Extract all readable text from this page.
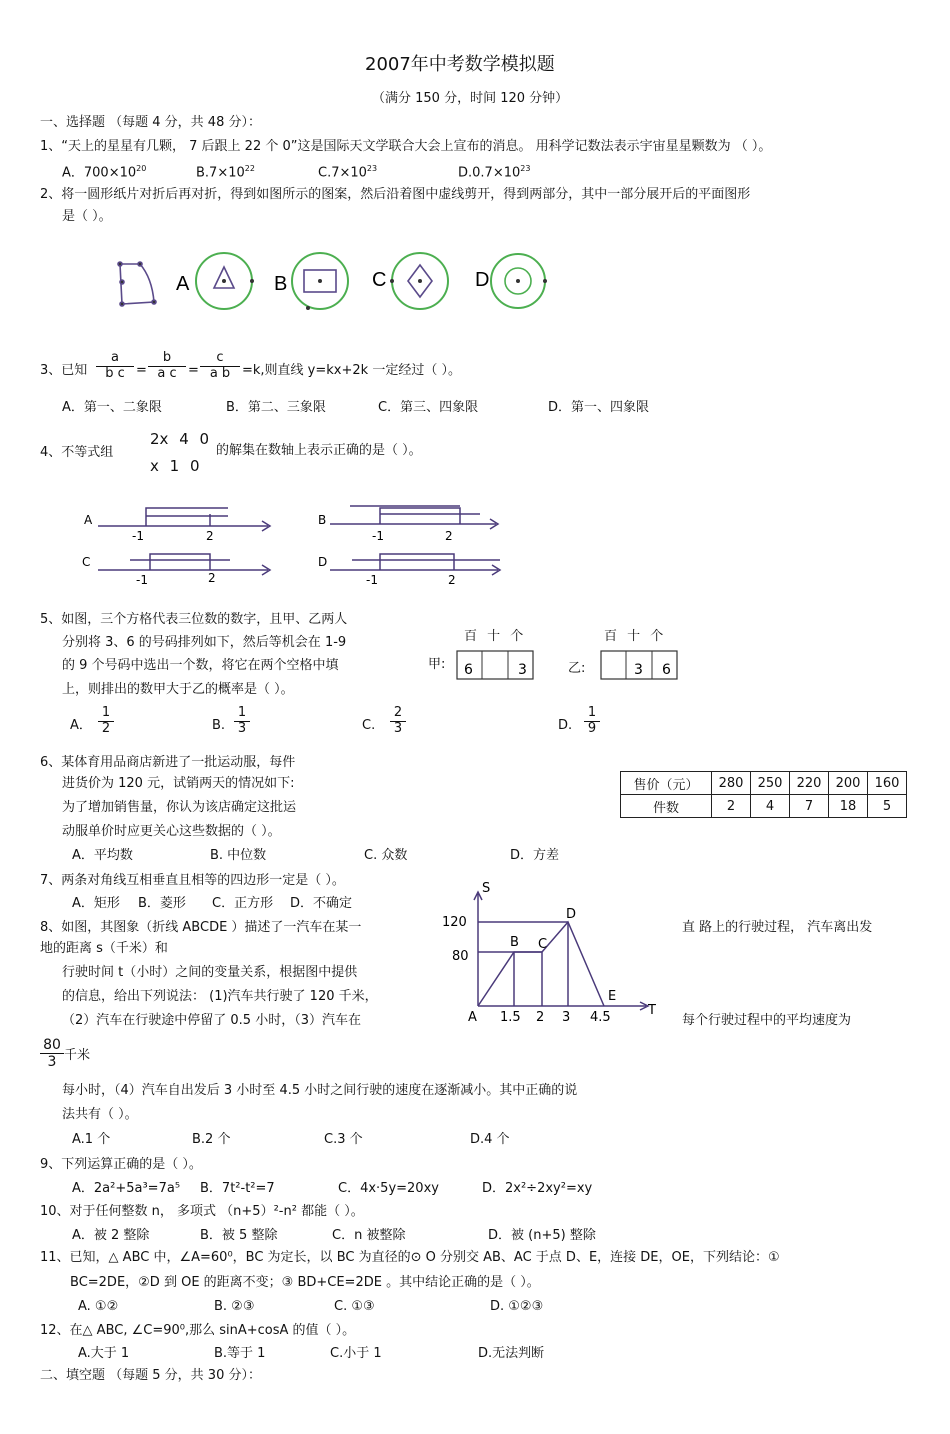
2007年中考数学模拟题
（满分 150 分，时间 120 分钟）
一、选择题 （每题 4 分，共 48 分）：
1、“天上的星星有几颗， 7 后跟上 22 个 0”这是国际天文学联合大会上宣布的消息。 用科学记数法表示宇宙星星颗数为 （ ）。
A．$700\times 10^{20}$	$B.7\times 10^{22}$	$C.7\times 10^{23}$	$D.0.7\times 10^{23}$
2、将一圆形纸片对折后再对折，得到如图所示的图案，然后沿着图中虚线剪开，得到两部分，其中一部分展开后的平面图形
是（ ）。
A	B	C	D
3、已知 $\frac{a}{\text{b c}} = \frac{b}{\text{a c}} = \frac{c}{\text{a b}} =k$,则直线 y=kx+2k 一定经过（ ）。
A．第一、二象限	B．第二、三象限	C．第三、四象限	D．第一、四象限
4、不等式组
2x 4 0
x 1 0
的解集在数轴上表示正确的是（ ）。
A
-1	2
B
-1	2
C
-1	2
D
-1	2
5、如图，三个方格代表三位数的数字，且甲、乙两人
分别将 3、6 的号码排列如下，然后等机会在 1-9
的 9 个号码中选出一个数，将它在两个空格中填
上，则排出的数甲大于乙的概率是（ ）。
百 十 个
甲: 6	3
百 十 个
乙:	3 6
A． $\frac{1}{2}$	B. $\frac{1}{3}$	C. $\frac{2}{3}$	D. $\frac{1}{9}$
6、某体育用品商店新进了一批运动服，每件
进货价为 120 元，试销两天的情况如下:
为了增加销售量，你认为该店确定这批运
动服单价时应更关心这些数据的（ ）。
售价（元）	280	250	220	200	160
件数	2	4	7	18	5
A．平均数	B. 中位数	C. 众数	D．方差
7、两条对角线互相垂直且相等的四边形一定是（ ）。
A．矩形 B．菱形 C．正方形 D．不确定
8、如图，其图象（折线 ABCDE ）描述了一汽车在某一	直 路上的行驶过程， 汽车离出发
地的距离 s（千米）和
行驶时间 t（小时）之间的变量关系，根据图中提供
的信息，给出下列说法： (1)汽车共行驶了 120 千米，
（2）汽车在行驶途中停留了 0.5 小时，（3）汽车在	每个行驶过程中的平均速度为
S
T
120
80
1.5 2 3 4.5
A
B C
D
E
$\frac{80}{3}$ 千米
每小时，（4）汽车自出发后 3 小时至 4.5 小时之间行驶的速度在逐渐减小。其中正确的说
法共有（ ）。
A.1 个	B.2 个	C.3 个	D.4 个
9、下列运算正确的是（ ）。
A．2a²+5a³=7a⁵ B．7t²-t²=7	C．4x·5y=20xy	D．2x²÷2xy²=xy
10、对于任何整数 n， 多项式 （n+5）²-n² 都能（ ）。
A．被 2 整除	B．被 5 整除	C．n 被整除	D．被 (n+5) 整除
11、已知，△ ABC 中，∠A=60⁰，BC 为定长，以 BC 为直径的⊙ O 分别交 AB、AC 于点 D、E，连接 DE，OE，下列结论：①
BC=2DE，②D 到 OE 的距离不变；③ BD+CE=2DE 。其中结论正确的是（ ）。
A. ①②	B. ②③	C. ①③	D. ①②③
12、在△ ABC, ∠C=90⁰,那么 sinA+cosA 的值（ ）。
A.大于 1	B.等于 1	C.小于 1	D.无法判断
二、填空题 （每题 5 分，共 30 分）：
